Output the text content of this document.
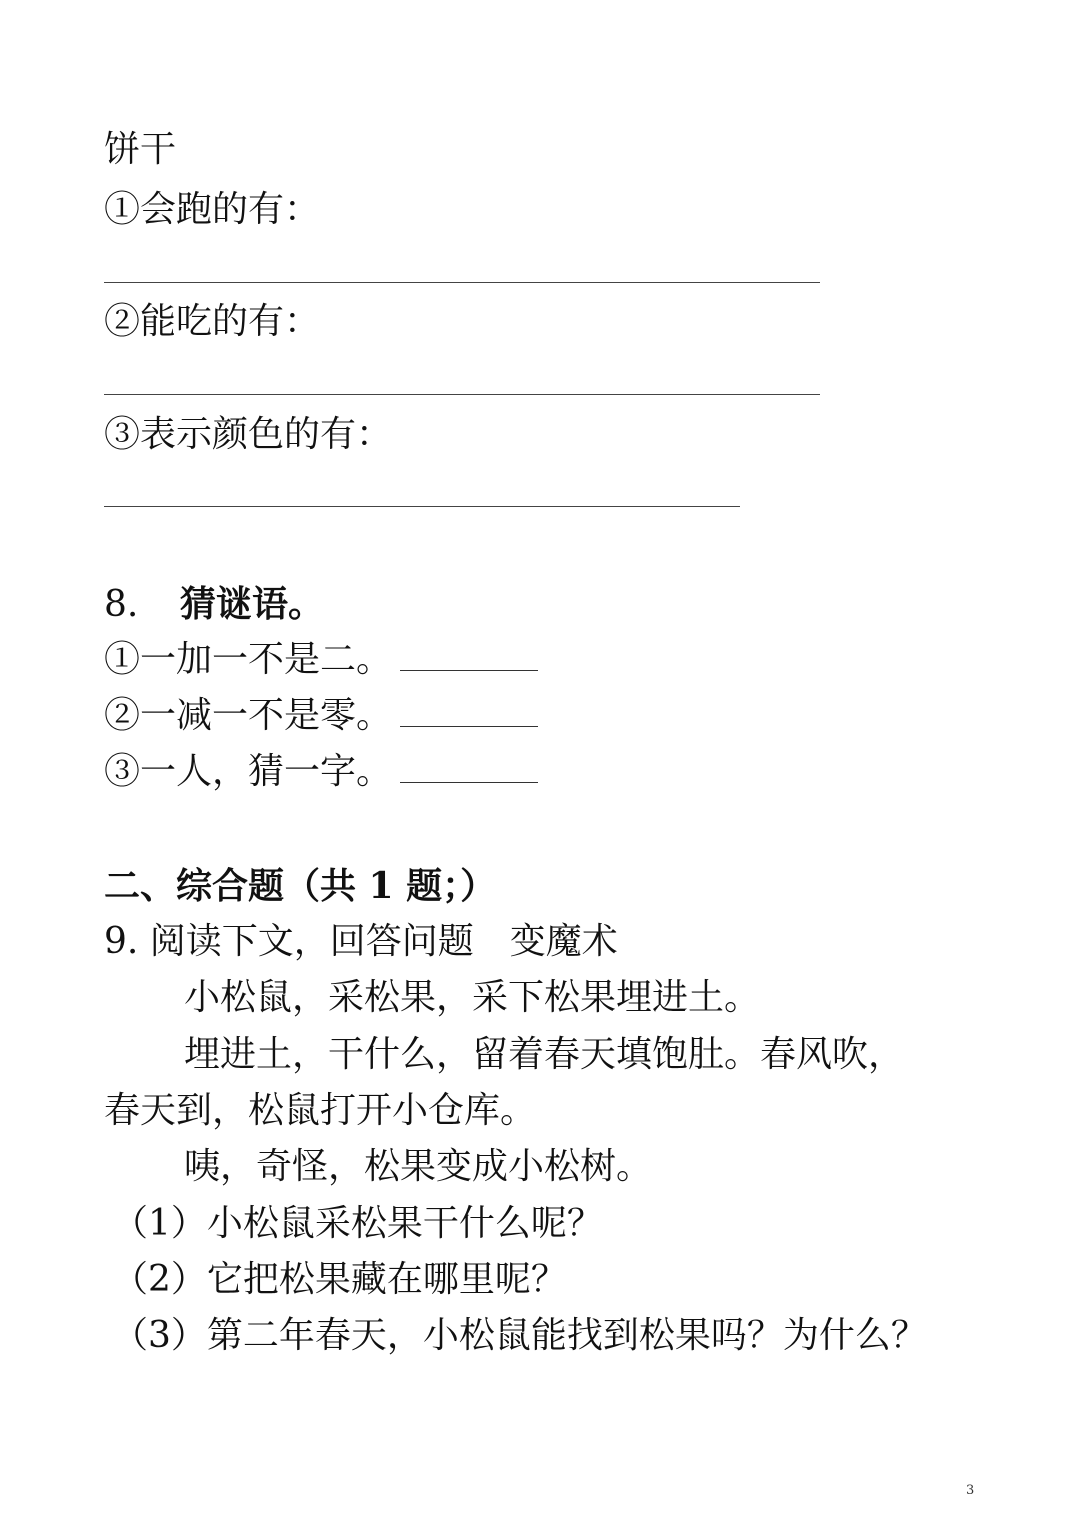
饼干
①会跑的有：
②能吃的有：
③表示颜色的有：
8. 猜谜语。
①一加一不是二。
②一减一不是零。
③一人，猜一字。
二、综合题（共 1 题；）
9. 阅读下文，回答问题　变魔术
小松鼠，采松果，采下松果埋进土。
埋进土，干什么，留着春天填饱肚。春风吹，
春天到，松鼠打开小仓库。
咦，奇怪，松果变成小松树。
（1）小松鼠采松果干什么呢？
（2）它把松果藏在哪里呢？
（3）第二年春天，小松鼠能找到松果吗？为什么？
3
